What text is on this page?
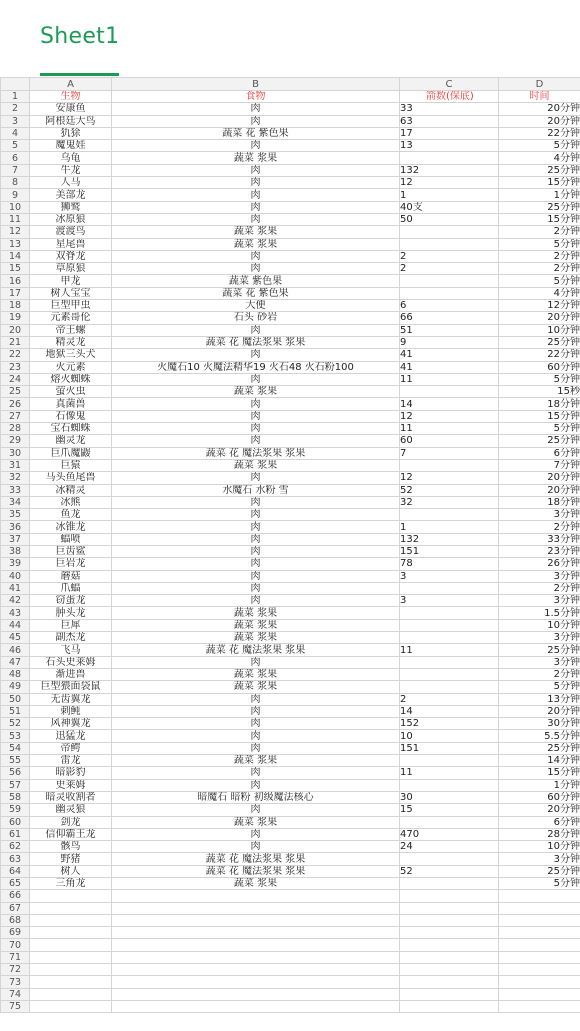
Sheet1
	A	B	C	D
1	生物	食物	箭数(保底)	时间
2	安康鱼	肉	33	20分钟
3	阿根廷大鸟	肉	63	20分钟
4	犰狳	蔬菜 花 紫色果	17	22分钟
5	魔鬼娃	肉	13	5分钟
6	乌龟	蔬菜 浆果		4分钟
7	牛龙	肉	132	25分钟
8	人马	肉	12	15分钟
9	美部龙	肉	1	1分钟
10	狮鹫	肉	40支	25分钟
11	冰原狼	肉	50	15分钟
12	渡渡鸟	蔬菜 浆果		2分钟
13	星尾兽	蔬菜 浆果		5分钟
14	双脊龙	肉	2	2分钟
15	草原狼	肉	2	2分钟
16	甲龙	蔬菜 紫色果		5分钟
17	树人宝宝	蔬菜 花 紫色果		4分钟
18	巨型甲虫	大便	6	12分钟
19	元素哥伦	石头 砂岩	66	20分钟
20	帝王螺	肉	51	10分钟
21	精灵龙	蔬菜 花 魔法浆果 浆果	9	25分钟
22	地狱三头犬	肉	41	22分钟
23	火元素	火魔石10 火魔法精华19 火石48 火石粉100	41	60分钟
24	熔火蜘蛛	肉	11	5分钟
25	萤火虫	蔬菜 浆果		15秒
26	真菌兽	肉	14	18分钟
27	石像鬼	肉	12	15分钟
28	宝石蜘蛛	肉	11	5分钟
29	幽灵龙	肉	60	25分钟
30	巨爪魔鼹	蔬菜 花 魔法浆果 浆果	7	6分钟
31	巨猿	蔬菜 浆果		7分钟
32	马头鱼尾兽	肉	12	20分钟
33	冰精灵	水魔石 水粉 雪	52	20分钟
34	冰熊	肉	32	18分钟
35	鱼龙	肉		3分钟
36	冰锥龙	肉	1	2分钟
37	蝠喷	肉	132	33分钟
38	巨齿鲨	肉	151	23分钟
39	巨岩龙	肉	78	26分钟
40	蘑菇	肉	3	3分钟
41	爪蝠	肉		2分钟
42	窃蛋龙	肉	3	3分钟
43	肿头龙	蔬菜 浆果		1.5分钟
44	巨犀	蔬菜 浆果		10分钟
45	副杰龙	蔬菜 浆果		3分钟
46	飞马	蔬菜 花 魔法浆果 浆果	11	25分钟
47	石头史莱姆	肉		3分钟
48	渐进兽	蔬菜 浆果		2分钟
49	巨型猥面袋鼠	蔬菜 浆果		5分钟
50	无齿翼龙	肉	2	13分钟
51	刺鲀	肉	14	20分钟
52	风神翼龙	肉	152	30分钟
53	迅猛龙	肉	10	5.5分钟
54	帝鳄	肉	151	25分钟
55	雷龙	蔬菜 浆果		14分钟
56	暗影豹	肉	11	15分钟
57	史莱姆	肉		1分钟
58	暗灵收割者	暗魔石 暗粉 初级魔法核心	30	60分钟
59	幽灵狼	肉	15	20分钟
60	剑龙	蔬菜 浆果		6分钟
61	信仰霸王龙	肉	470	28分钟
62	骸鸟	肉	24	10分钟
63	野猪	蔬菜 花 魔法浆果 浆果		3分钟
64	树人	蔬菜 花 魔法浆果 浆果	52	25分钟
65	三角龙	蔬菜 浆果		5分钟
66				
67				
68				
69				
70				
71				
72				
73				
74				
75				
